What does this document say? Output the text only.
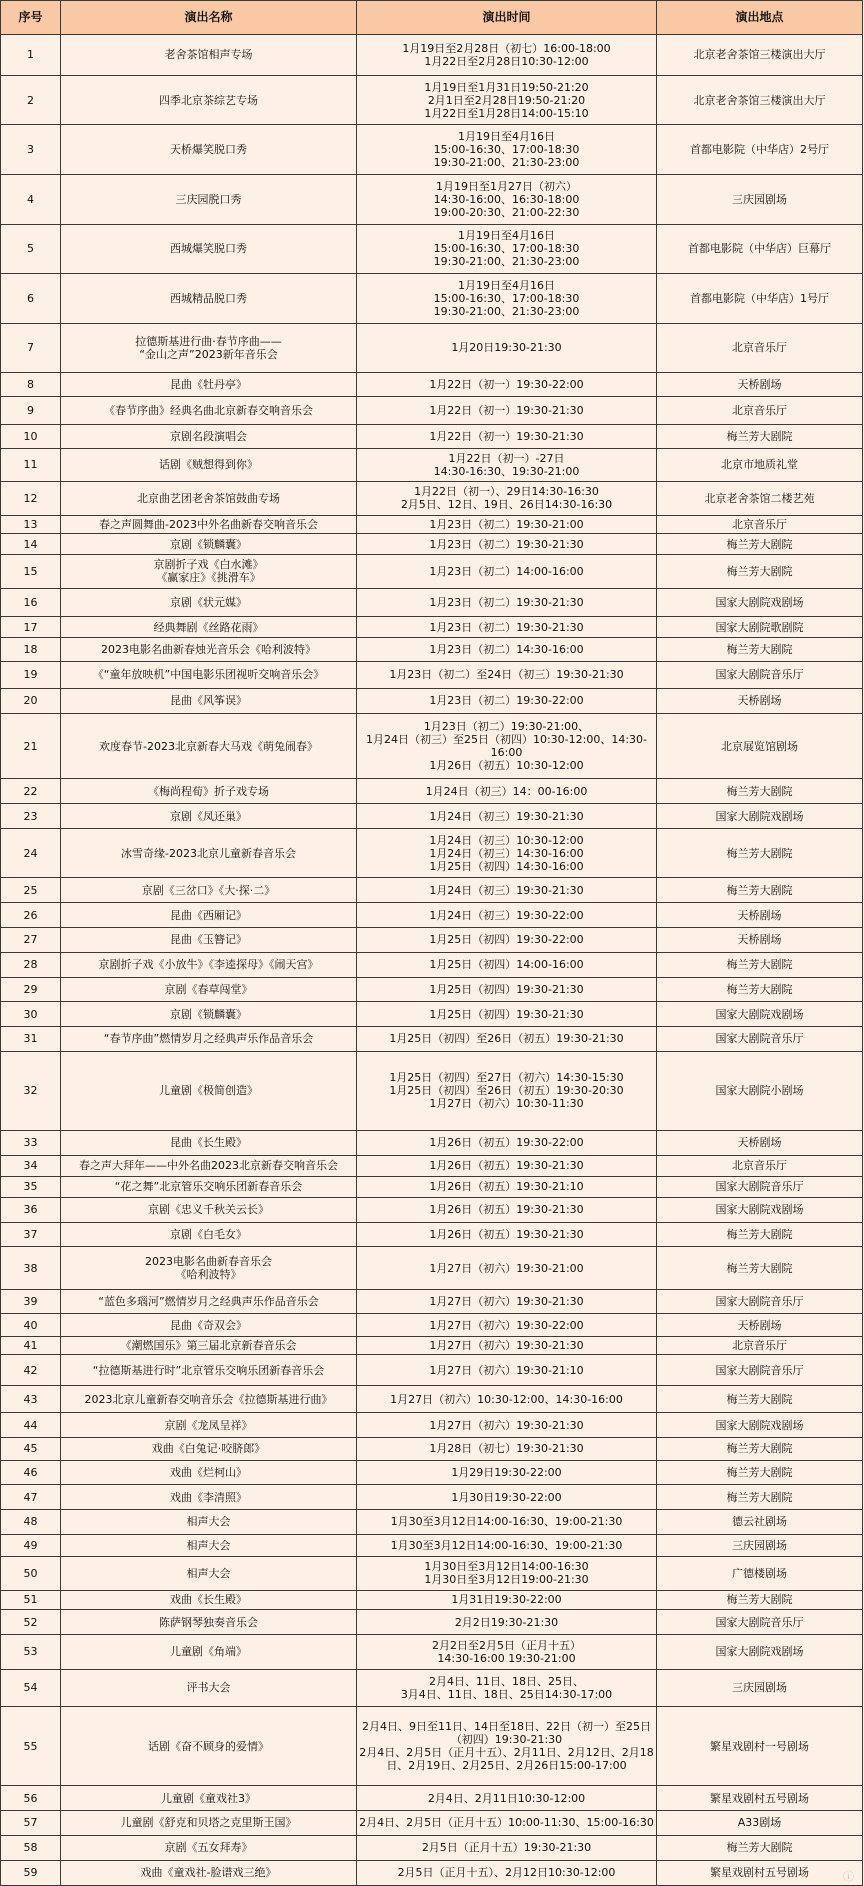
序号	演出名称	演出时间	演出地点
1	老舍茶馆相声专场	1月19日至2月28日（初七）16:00-18:00
1月22日至2月28日10:30-12:00	北京老舍茶馆三楼演出大厅
2	四季北京茶综艺专场	1月19日至1月31日19:50-21:20
2月1日至2月28日19:50-21:20
1月22日至1月28日14:00-15:10	北京老舍茶馆三楼演出大厅
3	天桥爆笑脱口秀	1月19日至4月16日
15:00-16:30、17:00-18:30
19:30-21:00、21:30-23:00	首都电影院（中华店）2号厅
4	三庆园脱口秀	1月19日至1月27日（初六）
14:30-16:00、16:30-18:00
19:00-20:30、21:00-22:30	三庆园剧场
5	西城爆笑脱口秀	1月19日至4月16日
15:00-16:30、17:00-18:30
19:30-21:00、21:30-23:00	首都电影院（中华店）巨幕厅
6	西城精品脱口秀	1月19日至4月16日
15:00-16:30、17:00-18:30
19:30-21:00、21:30-23:00	首都电影院（中华店）1号厅
7	拉德斯基进行曲·春节序曲——
“金山之声”2023新年音乐会	1月20日19:30-21:30	北京音乐厅
8	昆曲《牡丹亭》	1月22日（初一）19:30-22:00	天桥剧场
9	《春节序曲》经典名曲北京新春交响音乐会	1月22日（初一）19:30-21:30	北京音乐厅
10	京剧名段演唱会	1月22日（初一）19:30-21:30	梅兰芳大剧院
11	话剧《贼想得到你》	1月22日（初一）-27日
14:30-16:30、19:30-21:00	北京市地质礼堂
12	北京曲艺团老舍茶馆鼓曲专场	1月22日（初一）、29日14:30-16:30
2月5日、12日、19日、26日14:30-16:30	北京老舍茶馆二楼艺苑
13	春之声圆舞曲-2023中外名曲新春交响音乐会	1月23日（初二）19:30-21:00	北京音乐厅
14	京剧《锁麟囊》	1月23日（初二）19:30-21:30	梅兰芳大剧院
15	京剧折子戏《白水滩》
《赢家庄》《挑滑车》	1月23日（初二）14:00-16:00	梅兰芳大剧院
16	京剧《状元媒》	1月23日（初二）19:30-21:30	国家大剧院戏剧场
17	经典舞剧《丝路花雨》	1月23日（初二）19:30-21:30	国家大剧院歌剧院
18	2023电影名曲新春烛光音乐会《哈利波特》	1月23日（初二）14:30-16:00	梅兰芳大剧院
19	《“童年放映机”中国电影乐团视听交响音乐会》	1月23日（初二）至24日（初三）19:30-21:30	国家大剧院音乐厅
20	昆曲《风筝误》	1月23日（初二）19:30-22:00	天桥剧场
21	欢度春节-2023北京新春大马戏《萌兔闹春》	1月23日（初二）19:30-21:00、
1月24日（初三）至25日（初四）10:30-12:00、14:30-16:00
1月26日（初五）10:30-12:00	北京展览馆剧场
22	《梅尚程荀》折子戏专场	1月24日（初三）14：00-16:00	梅兰芳大剧院
23	京剧《凤还巢》	1月24日（初三）19:30-21:30	国家大剧院戏剧场
24	冰雪奇缘-2023北京儿童新春音乐会	1月24日（初三）10:30-12:00
1月24日（初三）14:30-16:00
1月25日（初四）14:30-16:00	梅兰芳大剧院
25	京剧《三岔口》《大·探·二》	1月24日（初三）19:30-21:30	梅兰芳大剧院
26	昆曲《西厢记》	1月24日（初三）19:30-22:00	天桥剧场
27	昆曲《玉簪记》	1月25日（初四）19:30-22:00	天桥剧场
28	京剧折子戏《小放牛》《李逵探母》《闹天宫》	1月25日（初四）14:00-16:00	梅兰芳大剧院
29	京剧《春草闯堂》	1月25日（初四）19:30-21:30	梅兰芳大剧院
30	京剧《锁麟囊》	1月25日（初四）19:30-21:30	国家大剧院戏剧场
31	“春节序曲”燃情岁月之经典声乐作品音乐会	1月25日（初四）至26日（初五）19:30-21:30	国家大剧院音乐厅
32	儿童剧《极简创造》	1月25日（初四）至27日（初六）14:30-15:30
1月25日（初四）至26日（初五）19:30-20:30
1月27日（初六）10:30-11:30	国家大剧院小剧场
33	昆曲《长生殿》	1月26日（初五）19:30-22:00	天桥剧场
34	春之声大拜年——中外名曲2023北京新春交响音乐会	1月26日（初五）19:30-21:30	北京音乐厅
35	“花之舞”北京管乐交响乐团新春音乐会	1月26日（初五）19:30-21:10	国家大剧院音乐厅
36	京剧《忠义千秋关云长》	1月26日（初五）19:30-21:30	国家大剧院戏剧场
37	京剧《白毛女》	1月26日（初五）19:30-21:30	梅兰芳大剧院
38	2023电影名曲新春音乐会
《哈利波特》	1月27日（初六）19:30-21:00	梅兰芳大剧院
39	“蓝色多瑙河”燃情岁月之经典声乐作品音乐会	1月27日（初六）19:30-21:30	国家大剧院音乐厅
40	昆曲《奇双会》	1月27日（初六）19:30-22:00	天桥剧场
41	《潮燃国乐》第三届北京新春音乐会	1月27日（初六）19:30-21:30	北京音乐厅
42	“拉德斯基进行时”北京管乐交响乐团新春音乐会	1月27日（初六）19:30-21:10	国家大剧院音乐厅
43	2023北京儿童新春交响音乐会《拉德斯基进行曲》	1月27日（初六）10:30-12:00、14:30-16:00	梅兰芳大剧院
44	京剧《龙凤呈祥》	1月27日（初六）19:30-21:30	国家大剧院戏剧场
45	戏曲《白兔记·咬脐郎》	1月28日（初七）19:30-21:30	梅兰芳大剧院
46	戏曲《烂柯山》	1月29日19:30-22:00	梅兰芳大剧院
47	戏曲《李清照》	1月30日19:30-22:00	梅兰芳大剧院
48	相声大会	1月30至3月12日14:00-16:30、19:00-21:30	德云社剧场
49	相声大会	1月30至3月12日14:00-16:30、19:00-21:30	三庆园剧场
50	相声大会	1月30日至3月12日14:00-16:30
1月30日至3月12日19:00-21:30	广德楼剧场
51	戏曲《长生殿》	1月31日19:30-22:00	梅兰芳大剧院
52	陈萨钢琴独奏音乐会	2月2日19:30-21:30	国家大剧院音乐厅
53	儿童剧《角端》	2月2日至2月5日（正月十五）
14:30-16:00 19:30-21:00	国家大剧院戏剧场
54	评书大会	2月4日、11日、18日、25日、
3月4日、11日、18日、25日14:30-17:00	三庆园剧场
55	话剧《奋不顾身的爱情》	2月4日、9日至11日、14日至18日、22日（初一）至25日（初四）19:30-21:30
2月4日、2月5日（正月十五）、2月11日、2月12日、2月18日、2月19日、2月25日、2月26日15:00-17:00	繁星戏剧村一号剧场
56	儿童剧《童戏社3》	2月4日、2月11日10:30-12:00	繁星戏剧村五号剧场
57	儿童剧《舒克和贝塔之克里斯王国》	2月4日、2月5日（正月十五）10:00-11:30、15:00-16:30	A33剧场
58	京剧《五女拜寿》	2月5日（正月十五）19:30-21:30	梅兰芳大剧院
59	戏曲《童戏社-脸谱戏三绝》	2月5日（正月十五）、2月12日10:30-12:00	繁星戏剧村五号剧场	ⓘ
